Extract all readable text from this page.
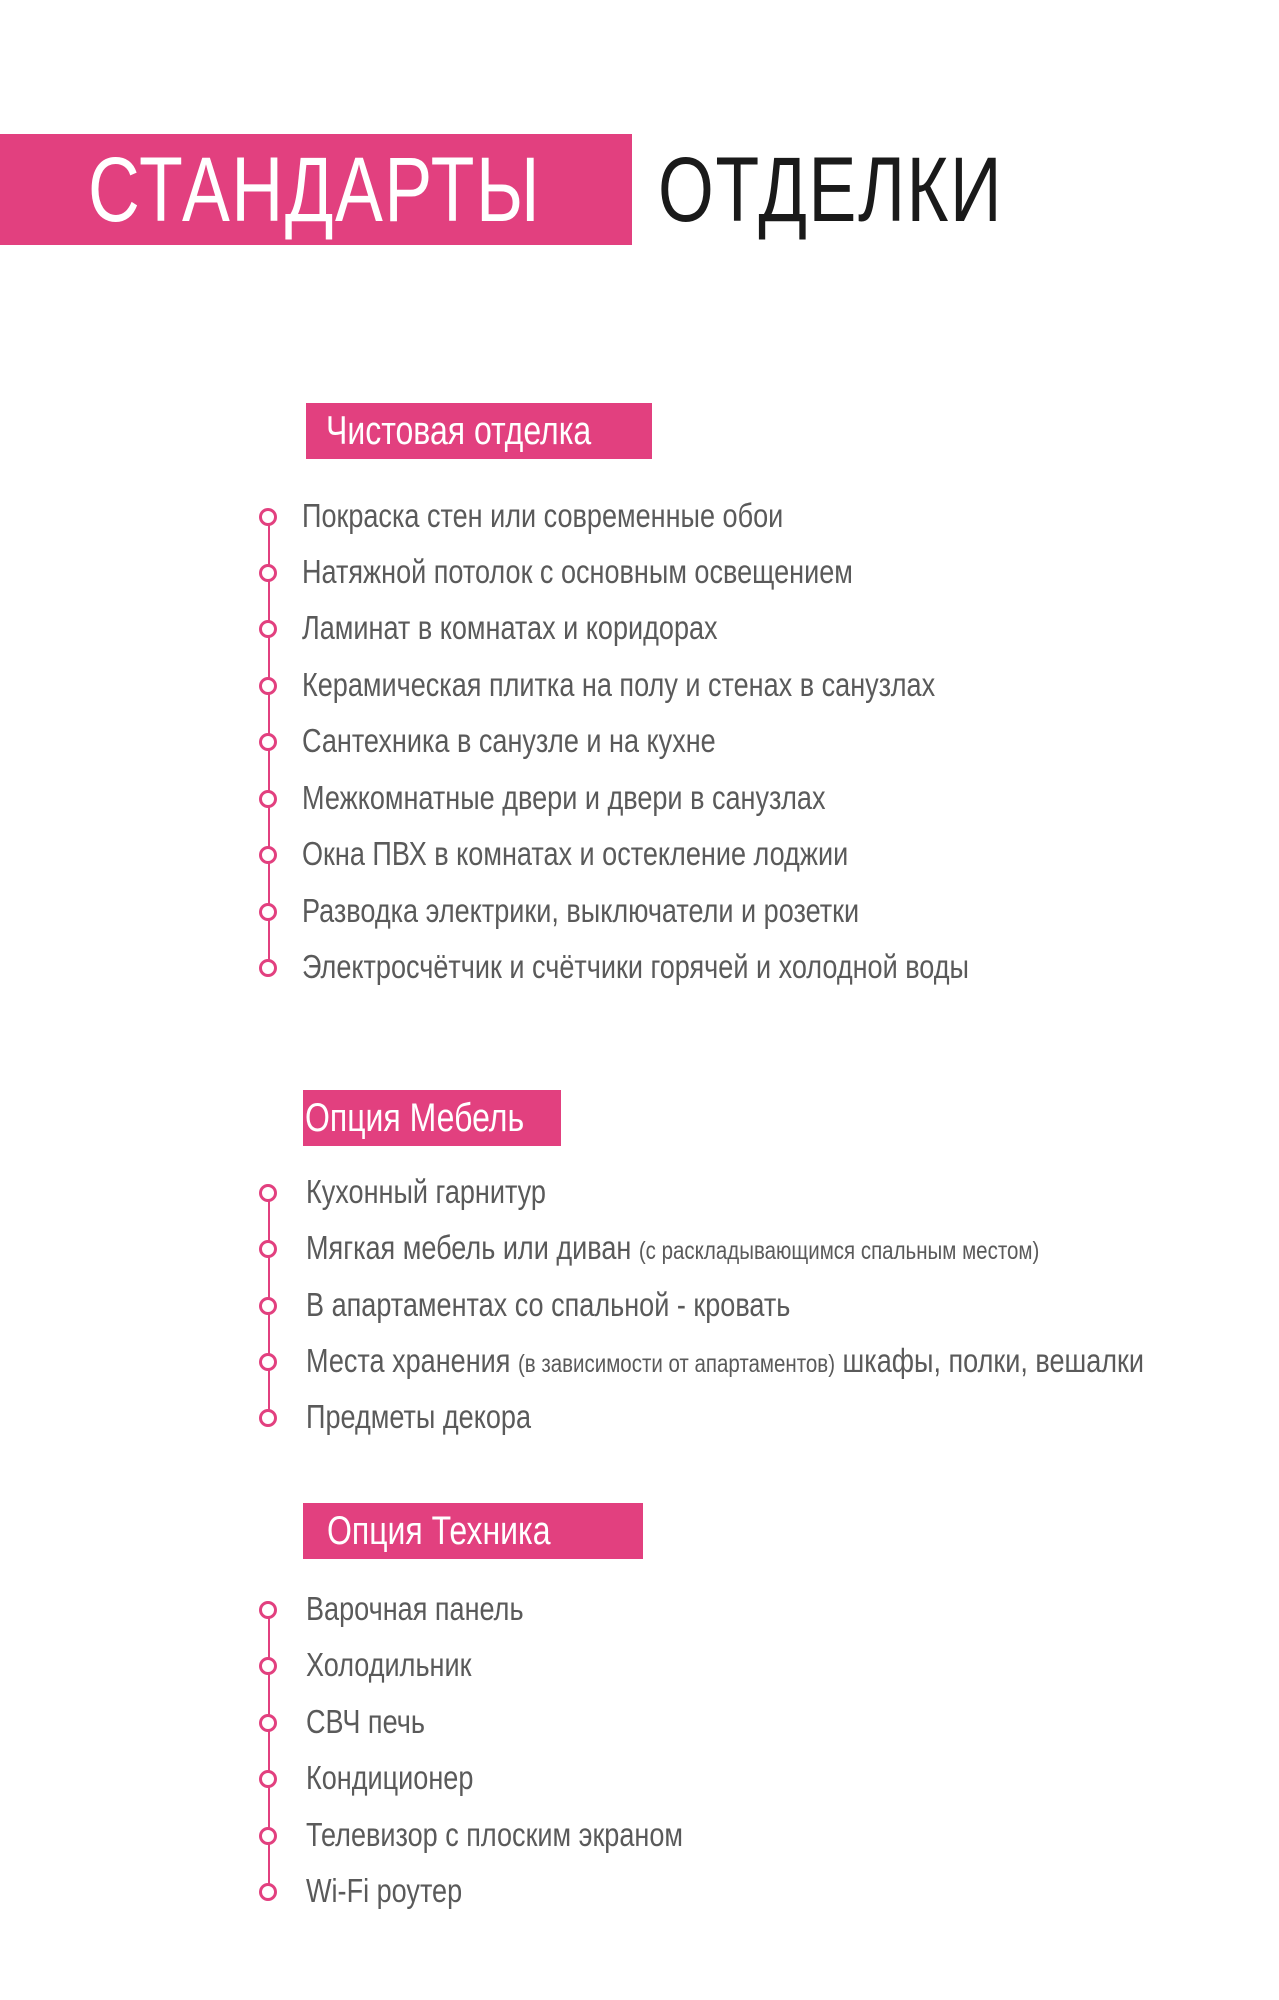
СТАНДАРТЫ ОТДЕЛКИ
Чистовая отделка
Покраска стен или современные обои
Натяжной потолок с основным освещением
Ламинат в комнатах и коридорах
Керамическая плитка на полу и стенах в санузлах
Сантехника в санузле и на кухне
Межкомнатные двери и двери в санузлах
Окна ПВХ в комнатах и остекление лоджии
Разводка электрики, выключатели и розетки
Электросчётчик и счётчики горячей и холодной воды
Опция Мебель
Кухонный гарнитур
Мягкая мебель или диван (с раскладывающимся спальным местом)
В апартаментах со спальной - кровать
Места хранения (в зависимости от апартаментов) шкафы, полки, вешалки
Предметы декора
Опция Техника
Варочная панель
Холодильник
СВЧ печь
Кондиционер
Телевизор с плоским экраном
Wi-Fi роутер
